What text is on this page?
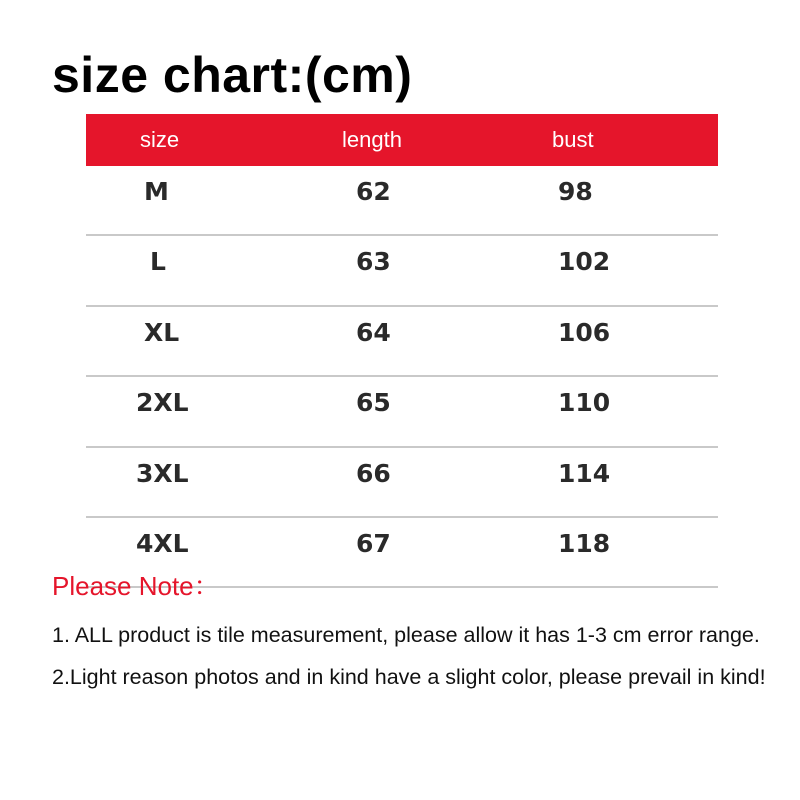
size chart:(cm)
size	length	bust
M	62	98
L	63	102
XL	64	106
2XL	65	110
3XL	66	114
4XL	67	118
Please Note：

1. ALL product is tile measurement, please allow it has 1-3 cm error range.

2.Light reason photos and in kind have a slight color, please prevail in kind!
